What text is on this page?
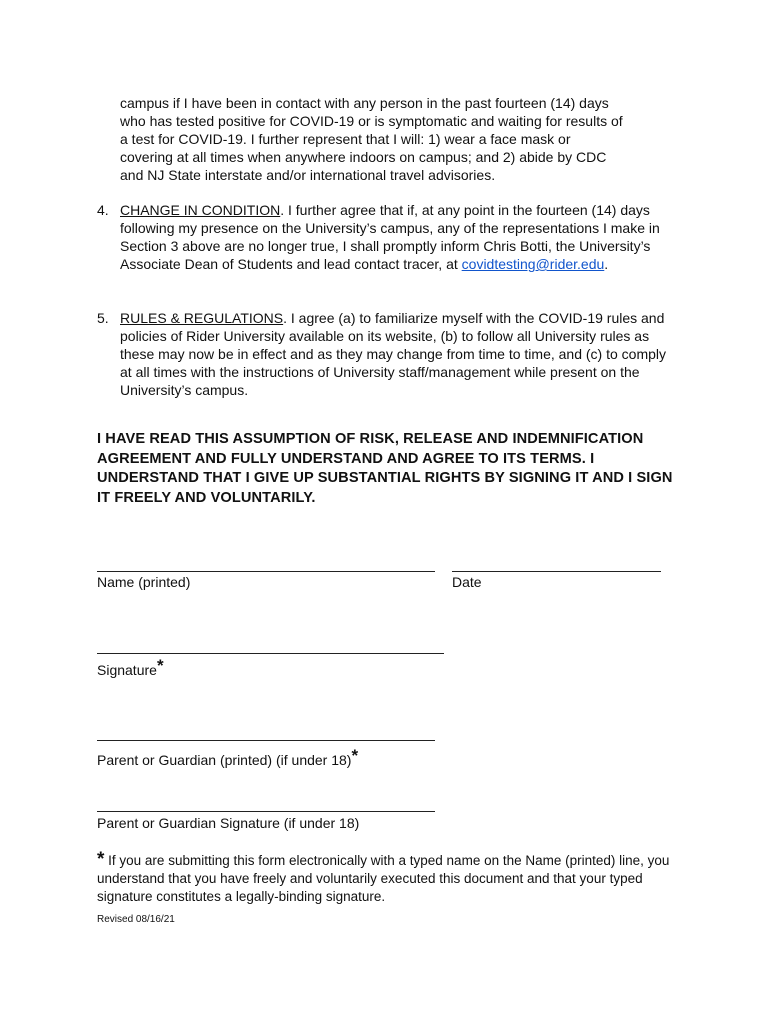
campus if I have been in contact with any person in the past fourteen (14) days

who has tested positive for COVID-19 or is symptomatic and waiting for results of

a test for COVID-19. I further represent that I will: 1) wear a face mask or

covering at all times when anywhere indoors on campus; and 2) abide by CDC

and NJ State interstate and/or international travel advisories.

4. CHANGE IN CONDITION. I further agree that if, at any point in the fourteen (14) days following my presence on the University’s campus, any of the representations I make in Section 3 above are no longer true, I shall promptly inform Chris Botti, the University’s Associate Dean of Students and lead contact tracer, at covidtesting@rider.edu.
5. RULES & REGULATIONS. I agree (a) to familiarize myself with the COVID-19 rules and policies of Rider University available on its website, (b) to follow all University rules as these may now be in effect and as they may change from time to time, and (c) to comply at all times with the instructions of University staff/management while present on the University’s campus.
I HAVE READ THIS ASSUMPTION OF RISK, RELEASE AND INDEMNIFICATION AGREEMENT AND FULLY UNDERSTAND AND AGREE TO ITS TERMS. I UNDERSTAND THAT I GIVE UP SUBSTANTIAL RIGHTS BY SIGNING IT AND I SIGN IT FREELY AND VOLUNTARILY.
Name (printed)	Date
Signature*
Parent or Guardian (printed) (if under 18)*
Parent or Guardian Signature (if under 18)
* If you are submitting this form electronically with a typed name on the Name (printed) line, you understand that you have freely and voluntarily executed this document and that your typed signature constitutes a legally-binding signature.
Revised 08/16/21
